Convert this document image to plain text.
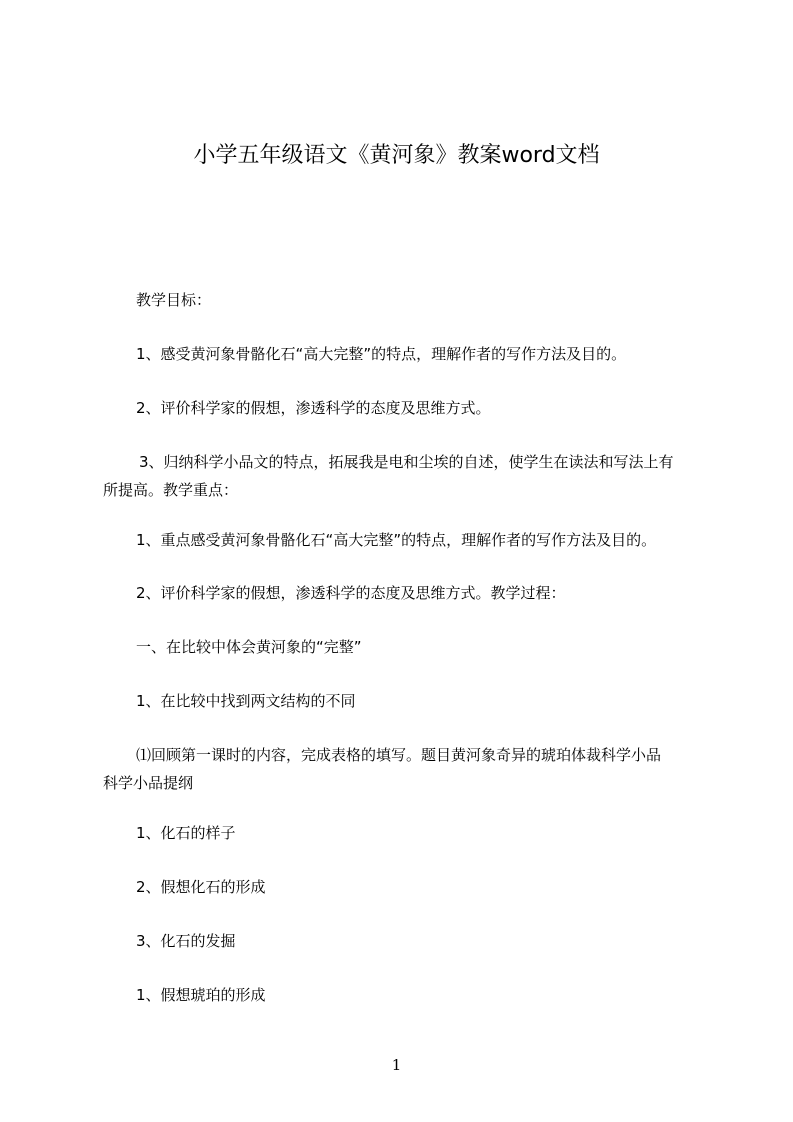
小学五年级语文《黄河象》教案word文档
教学目标：
1、感受黄河象骨骼化石“高大完整”的特点，理解作者的写作方法及目的。
2、评价科学家的假想，渗透科学的态度及思维方式。
3、归纳科学小品文的特点，拓展我是电和尘埃的自述，使学生在读法和写法上有
所提高。教学重点：
1、重点感受黄河象骨骼化石“高大完整”的特点，理解作者的写作方法及目的。
2、评价科学家的假想，渗透科学的态度及思维方式。教学过程：
一、在比较中体会黄河象的“完整”
1、在比较中找到两文结构的不同
⑴回顾第一课时的内容，完成表格的填写。题目黄河象奇异的琥珀体裁科学小品
科学小品提纲
1、化石的样子
2、假想化石的形成
3、化石的发掘
1、假想琥珀的形成
1
